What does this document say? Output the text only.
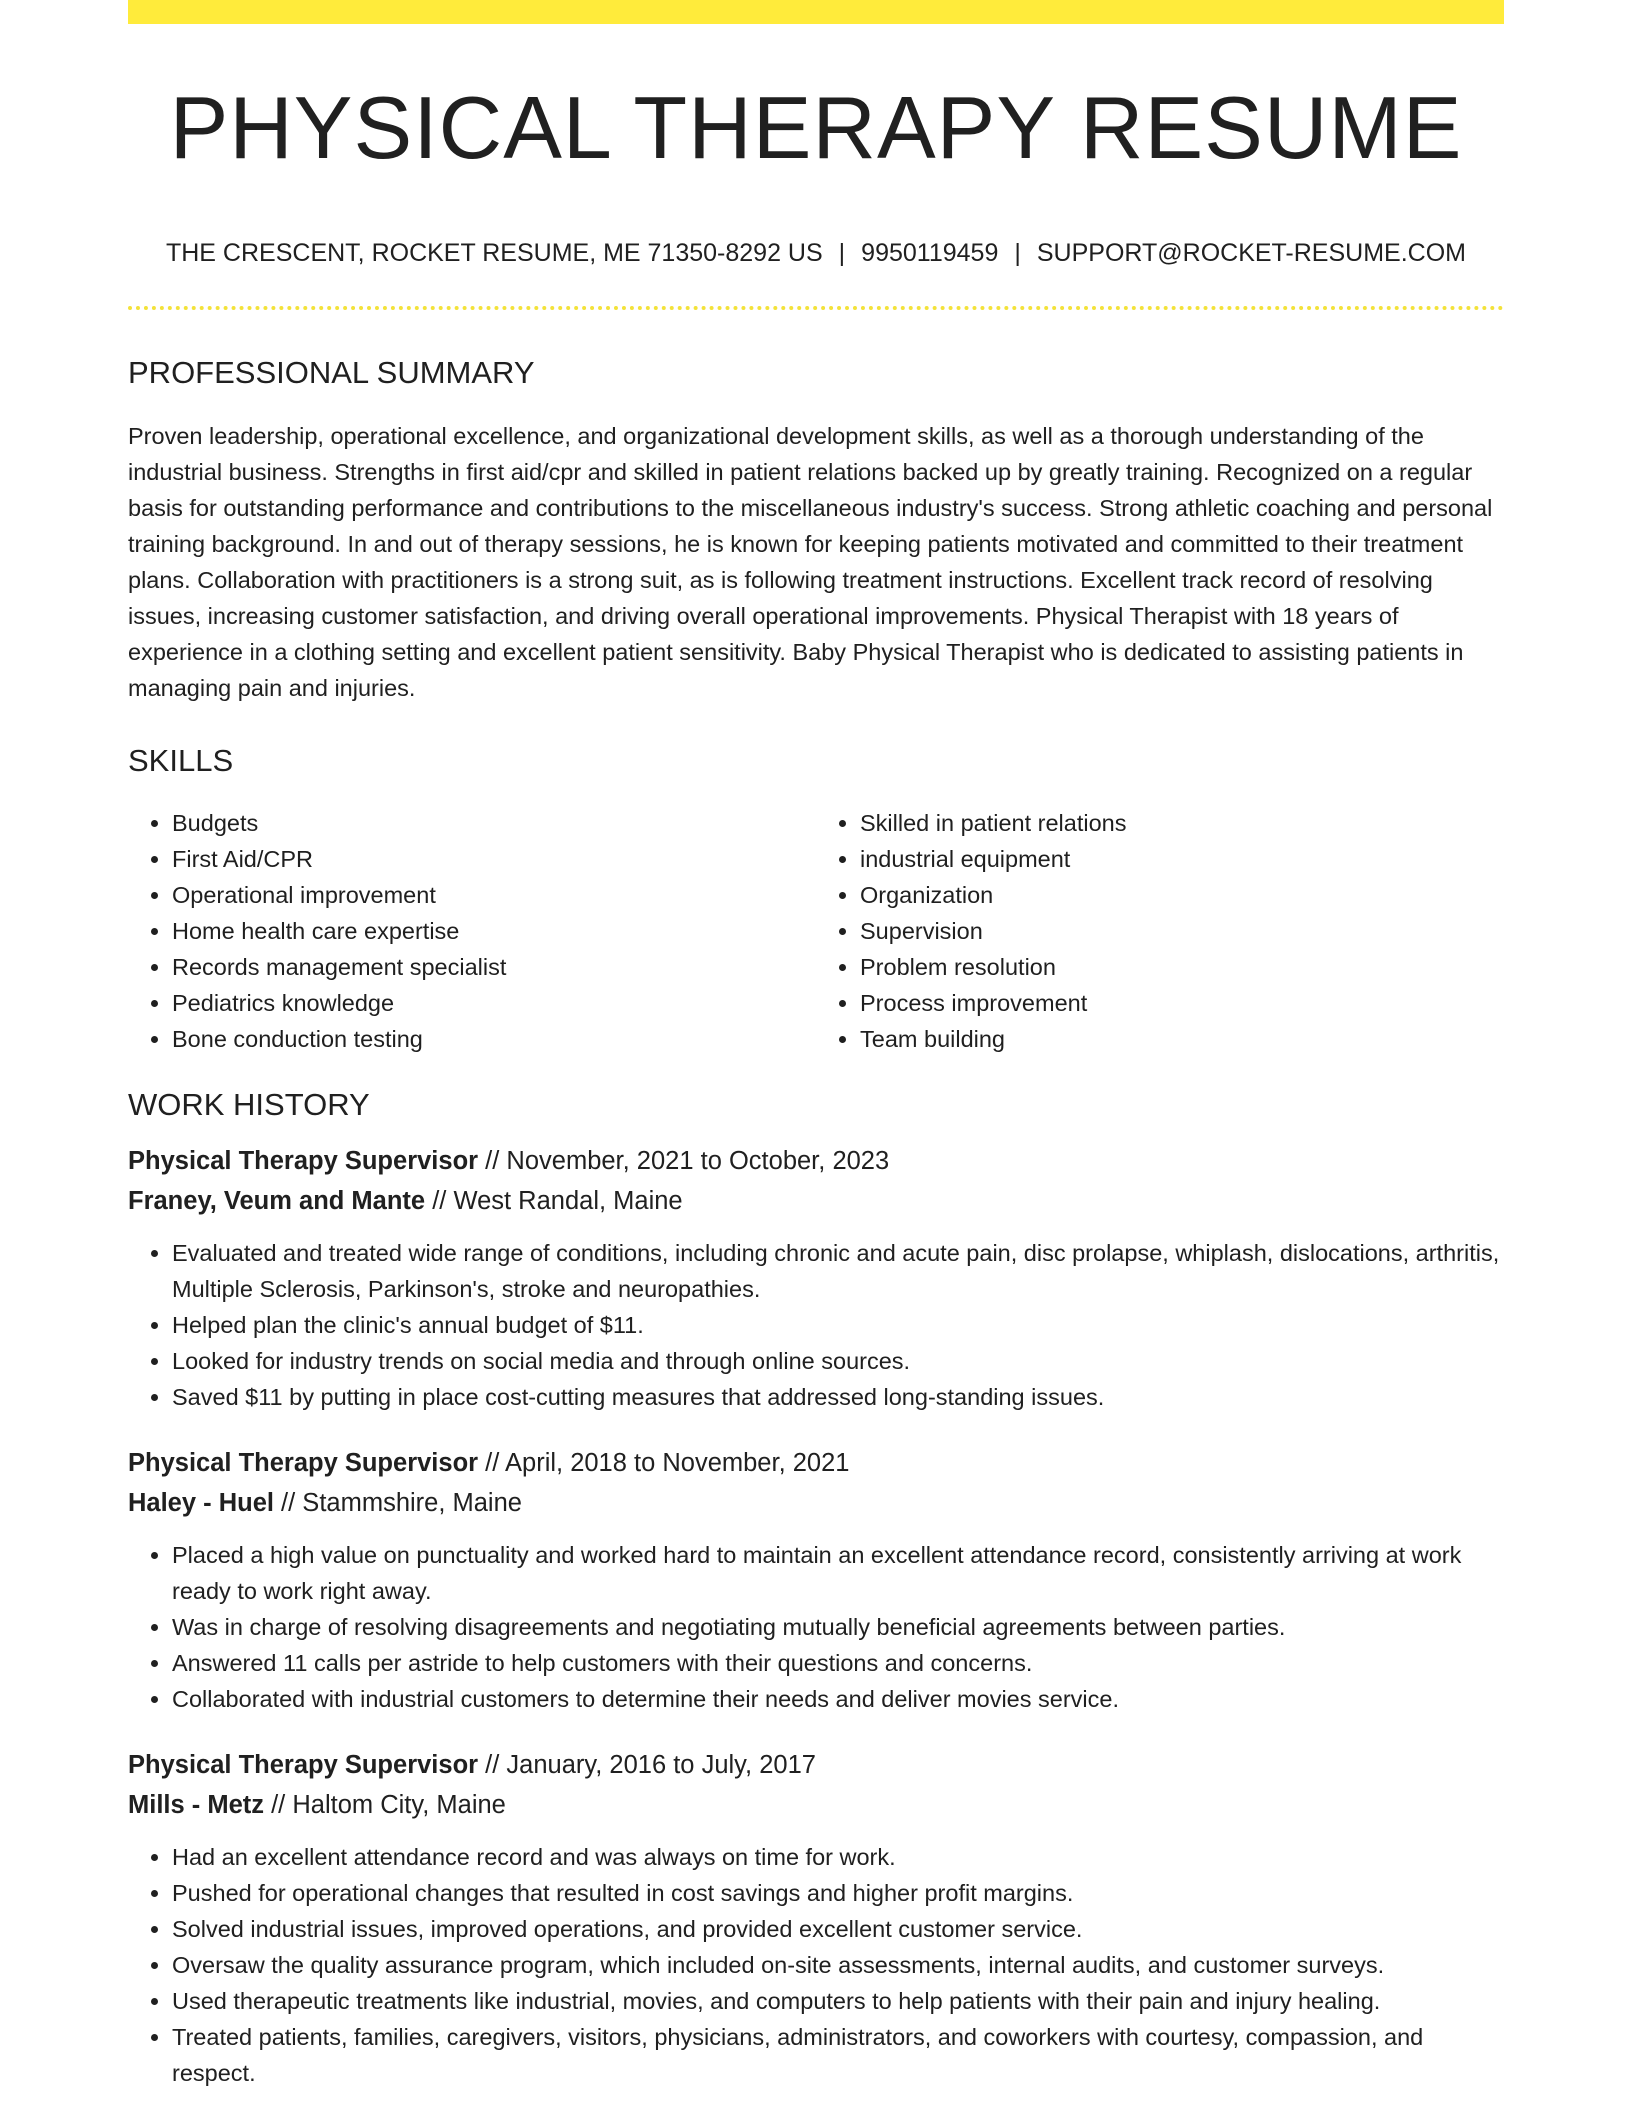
PHYSICAL THERAPY RESUME
THE CRESCENT, ROCKET RESUME, ME 71350-8292 US | 9950119459 | SUPPORT@ROCKET-RESUME.COM
PROFESSIONAL SUMMARY

Proven leadership, operational excellence, and organizational development skills, as well as a thorough understanding of the industrial business. Strengths in first aid/cpr and skilled in patient relations backed up by greatly training. Recognized on a regular basis for outstanding performance and contributions to the miscellaneous industry's success. Strong athletic coaching and personal training background. In and out of therapy sessions, he is known for keeping patients motivated and committed to their treatment plans. Collaboration with practitioners is a strong suit, as is following treatment instructions. Excellent track record of resolving issues, increasing customer satisfaction, and driving overall operational improvements. Physical Therapist with 18 years of experience in a clothing setting and excellent patient sensitivity. Baby Physical Therapist who is dedicated to assisting patients in managing pain and injuries.

SKILLS
• Budgets
• First Aid/CPR
• Operational improvement
• Home health care expertise
• Records management specialist
• Pediatrics knowledge
• Bone conduction testing
• Skilled in patient relations
• industrial equipment
• Organization
• Supervision
• Problem resolution
• Process improvement
• Team building
WORK HISTORY
Physical Therapy Supervisor // November, 2021 to October, 2023
Franey, Veum and Mante // West Randal, Maine
• Evaluated and treated wide range of conditions, including chronic and acute pain, disc prolapse, whiplash, dislocations, arthritis, Multiple Sclerosis, Parkinson's, stroke and neuropathies.
• Helped plan the clinic's annual budget of $11.
• Looked for industry trends on social media and through online sources.
• Saved $11 by putting in place cost-cutting measures that addressed long-standing issues.
Physical Therapy Supervisor // April, 2018 to November, 2021
Haley - Huel // Stammshire, Maine
• Placed a high value on punctuality and worked hard to maintain an excellent attendance record, consistently arriving at work ready to work right away.
• Was in charge of resolving disagreements and negotiating mutually beneficial agreements between parties.
• Answered 11 calls per astride to help customers with their questions and concerns.
• Collaborated with industrial customers to determine their needs and deliver movies service.
Physical Therapy Supervisor // January, 2016 to July, 2017
Mills - Metz // Haltom City, Maine
• Had an excellent attendance record and was always on time for work.
• Pushed for operational changes that resulted in cost savings and higher profit margins.
• Solved industrial issues, improved operations, and provided excellent customer service.
• Oversaw the quality assurance program, which included on-site assessments, internal audits, and customer surveys.
• Used therapeutic treatments like industrial, movies, and computers to help patients with their pain and injury healing.
• Treated patients, families, caregivers, visitors, physicians, administrators, and coworkers with courtesy, compassion, and respect.
